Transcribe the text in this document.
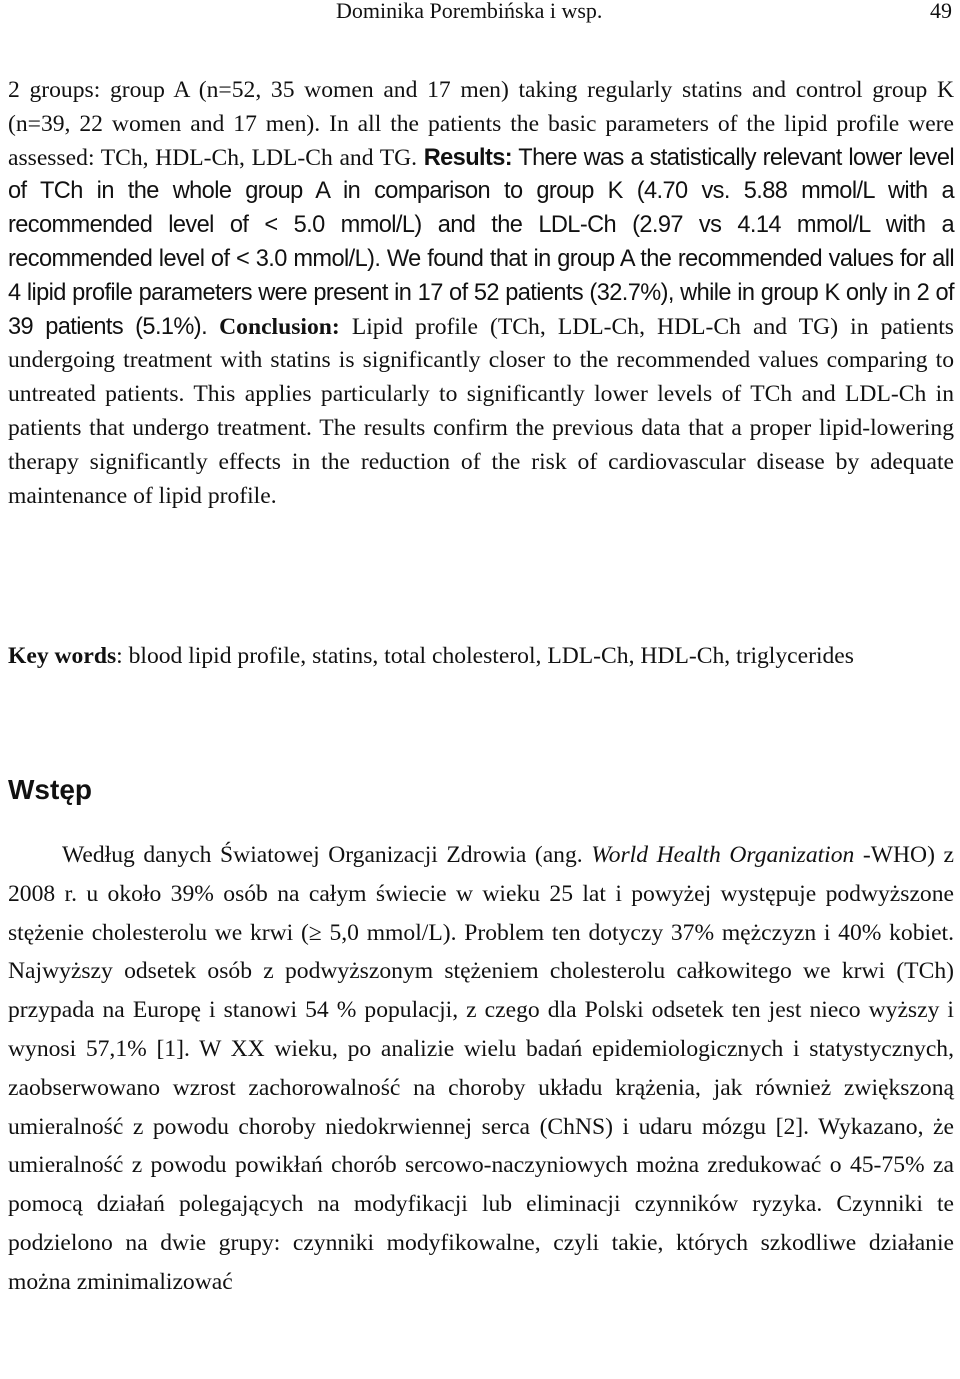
Dominika Porembińska i wsp.	49

2 groups: group A (n=52, 35 women and 17 men) taking regularly statins and control group K (n=39, 22 women and 17 men). In all the patients the basic parameters of the lipid profile were assessed: TCh, HDL-Ch, LDL-Ch and TG. Results: There was a statistically relevant lower level of TCh in the whole group A in comparison to group K (4.70 vs. 5.88 mmol/L with a recommended level of < 5.0 mmol/L) and the LDL-Ch (2.97 vs 4.14 mmol/L with a recommended level of < 3.0 mmol/L). We found that in group A the recommended values for all 4 lipid profile parameters were present in 17 of 52 patients (32.7%), while in group K only in 2 of 39 patients (5.1%). Conclusion: Lipid profile (TCh, LDL-Ch, HDL-Ch and TG) in patients undergoing treatment with statins is significantly closer to the recommended values comparing to untreated patients. This applies particularly to significantly lower levels of TCh and LDL-Ch in patients that undergo treatment. The results confirm the previous data that a proper lipid-lowering therapy significantly effects in the reduction of the risk of cardiovascular disease by adequate maintenance of lipid profile.

Key words: blood lipid profile, statins, total cholesterol, LDL-Ch, HDL-Ch, triglycerides

Wstęp

Według danych Światowej Organizacji Zdrowia (ang. World Health Organization -WHO) z 2008 r. u około 39% osób na całym świecie w wieku 25 lat i powyżej występuje podwyższone stężenie cholesterolu we krwi (≥ 5,0 mmol/L). Problem ten dotyczy 37% mężczyzn i 40% kobiet. Najwyższy odsetek osób z podwyższonym stężeniem cholesterolu całkowitego we krwi (TCh) przypada na Europę i stanowi 54 % populacji, z czego dla Polski odsetek ten jest nieco wyższy i wynosi 57,1% [1]. W XX wieku, po analizie wielu badań epidemiologicznych i statystycznych, zaobserwowano wzrost zachorowalność na choroby układu krążenia, jak również zwiększoną umieralność z powodu choroby niedokrwiennej serca (ChNS) i udaru mózgu [2]. Wykazano, że umieralność z powodu powikłań chorób sercowo-naczyniowych można zredukować o 45-75% za pomocą działań polegających na modyfikacji lub eliminacji czynników ryzyka. Czynniki te podzielono na dwie grupy: czynniki modyfikowalne, czyli takie, których szkodliwe działanie można zminimalizować
